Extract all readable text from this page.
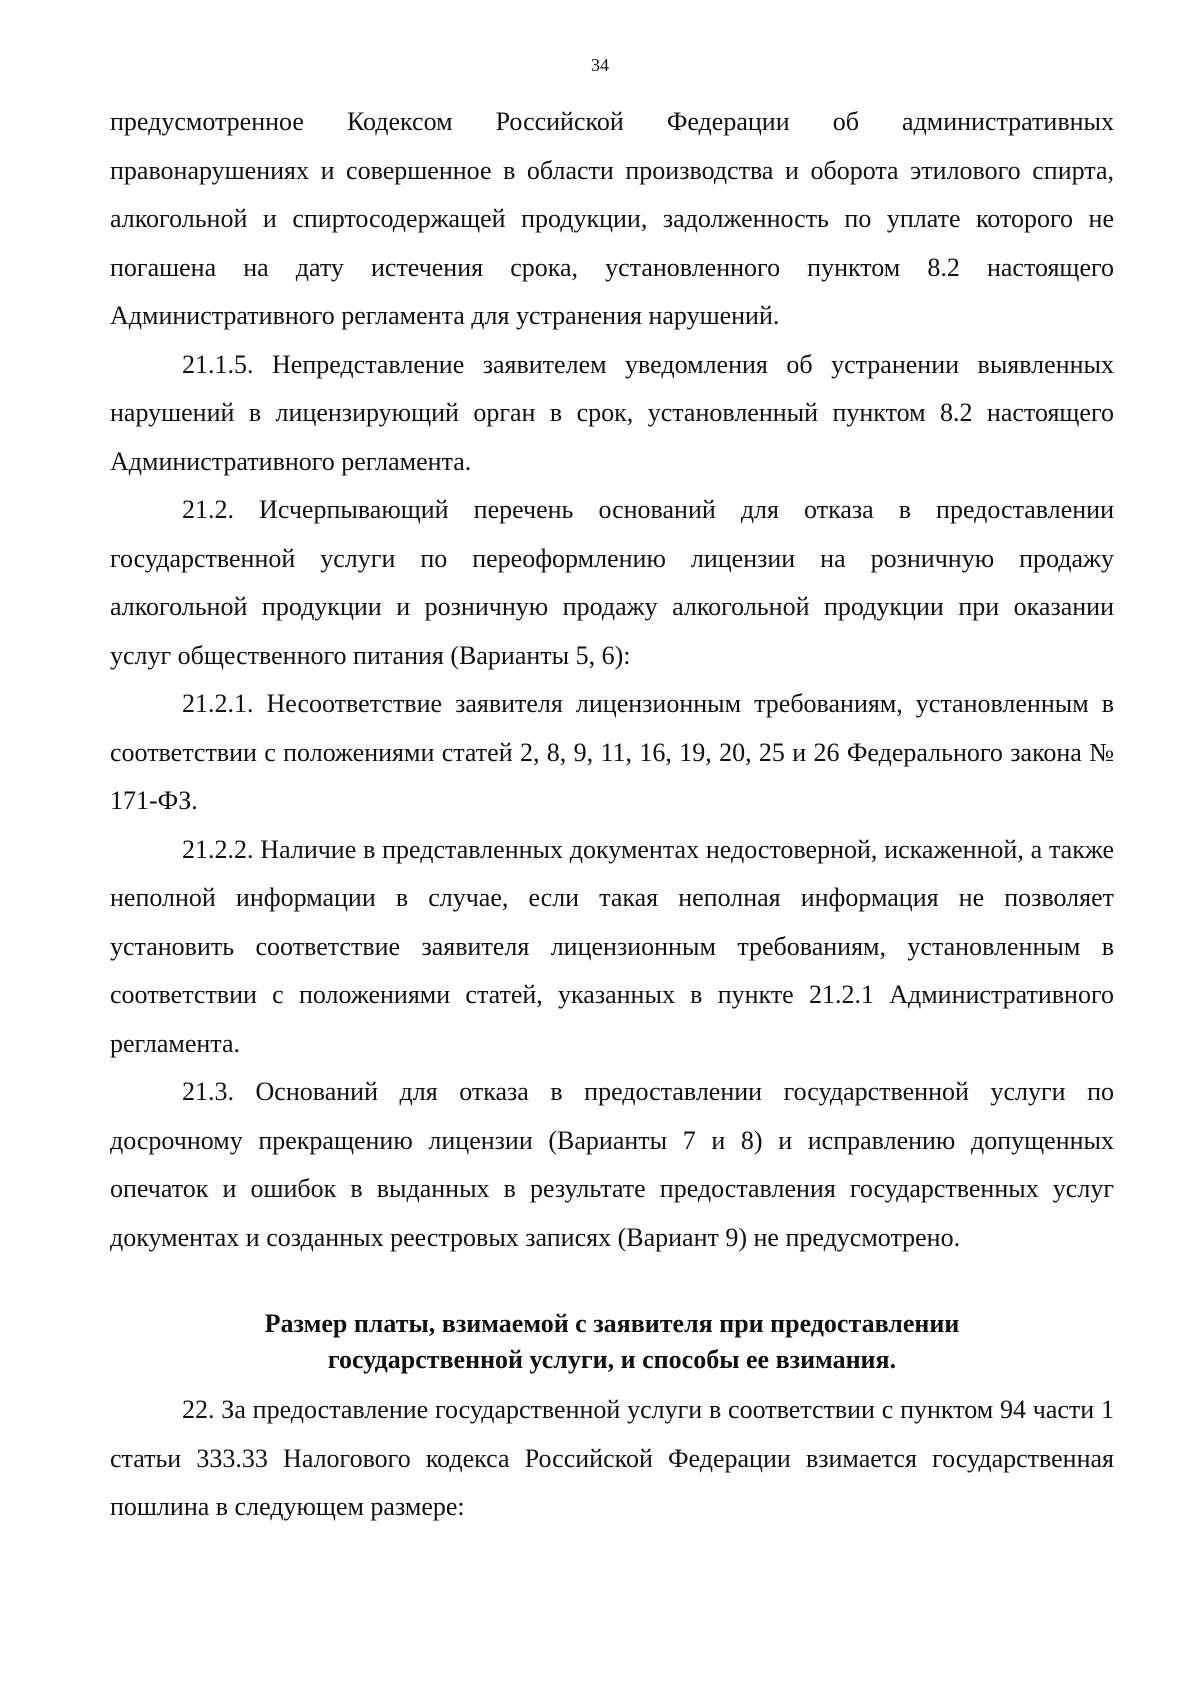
34

предусмотренное Кодексом Российской Федерации об административных правонарушениях и совершенное в области производства и оборота этилового спирта, алкогольной и спиртосодержащей продукции, задолженность по уплате которого не погашена на дату истечения срока, установленного пунктом 8.2 настоящего Административного регламента для устранения нарушений.

21.1.5. Непредставление заявителем уведомления об устранении выявленных нарушений в лицензирующий орган в срок, установленный пунктом 8.2 настоящего Административного регламента.

21.2. Исчерпывающий перечень оснований для отказа в предоставлении государственной услуги по переоформлению лицензии на розничную продажу алкогольной продукции и розничную продажу алкогольной продукции при оказании услуг общественного питания (Варианты 5, 6):

21.2.1. Несоответствие заявителя лицензионным требованиям, установленным в соответствии с положениями статей 2, 8, 9, 11, 16, 19, 20, 25 и 26 Федерального закона № 171-ФЗ.

21.2.2. Наличие в представленных документах недостоверной, искаженной, а также неполной информации в случае, если такая неполная информация не позволяет установить соответствие заявителя лицензионным требованиям, установленным в соответствии с положениями статей, указанных в пункте 21.2.1 Административного регламента.

21.3. Оснований для отказа в предоставлении государственной услуги по досрочному прекращению лицензии (Варианты 7 и 8) и исправлению допущенных опечаток и ошибок в выданных в результате предоставления государственных услуг документах и созданных реестровых записях (Вариант 9) не предусмотрено.

Размер платы, взимаемой с заявителя при предоставлении
государственной услуги, и способы ее взимания.

22. За предоставление государственной услуги в соответствии с пунктом 94 части 1 статьи 333.33 Налогового кодекса Российской Федерации взимается государственная пошлина в следующем размере:
